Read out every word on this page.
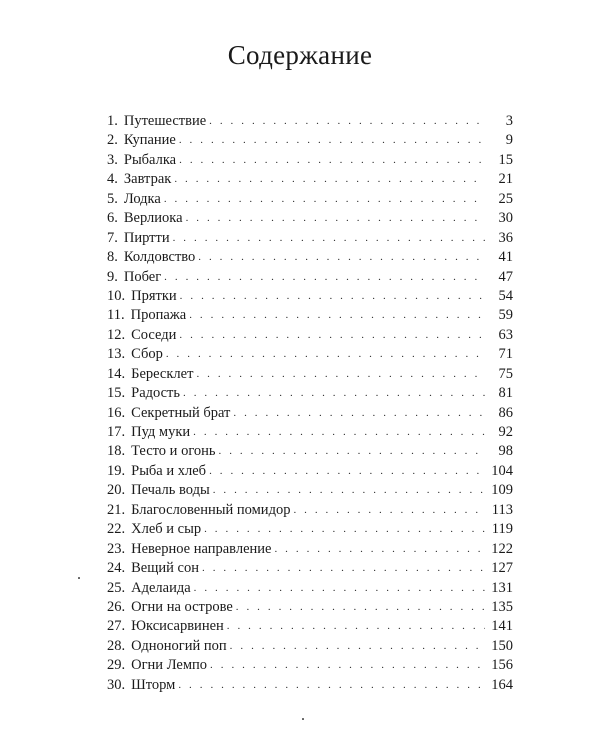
Содержание
1. Путешествие . . .	3
2. Купание . . .	9
3. Рыбалка . . .	15
4. Завтрак . . .	21
5. Лодка . . .	25
6. Верлиока . . .	30
7. Пиртти . . .	36
8. Колдовство . . .	41
9. Побег . . .	47
10. Прятки . . .	54
11. Пропажа . . .	59
12. Соседи . . .	63
13. Сбор . . .	71
14. Бересклет . . .	75
15. Радость . . .	81
16. Секретный брат . . .	86
17. Пуд муки . . .	92
18. Тесто и огонь . . .	98
19. Рыба и хлеб . . .	104
20. Печаль воды . . .	109
21. Благословенный помидор . . .	113
22. Хлеб и сыр . . .	119
23. Неверное направление . . .	122
24. Вещий сон . . .	127
25. Аделаида . . .	131
26. Огни на острове . . .	135
27. Юксисарвинен . . .	141
28. Одноногий поп . . .	150
29. Огни Лемпо . . .	156
30. Шторм . . .	164
